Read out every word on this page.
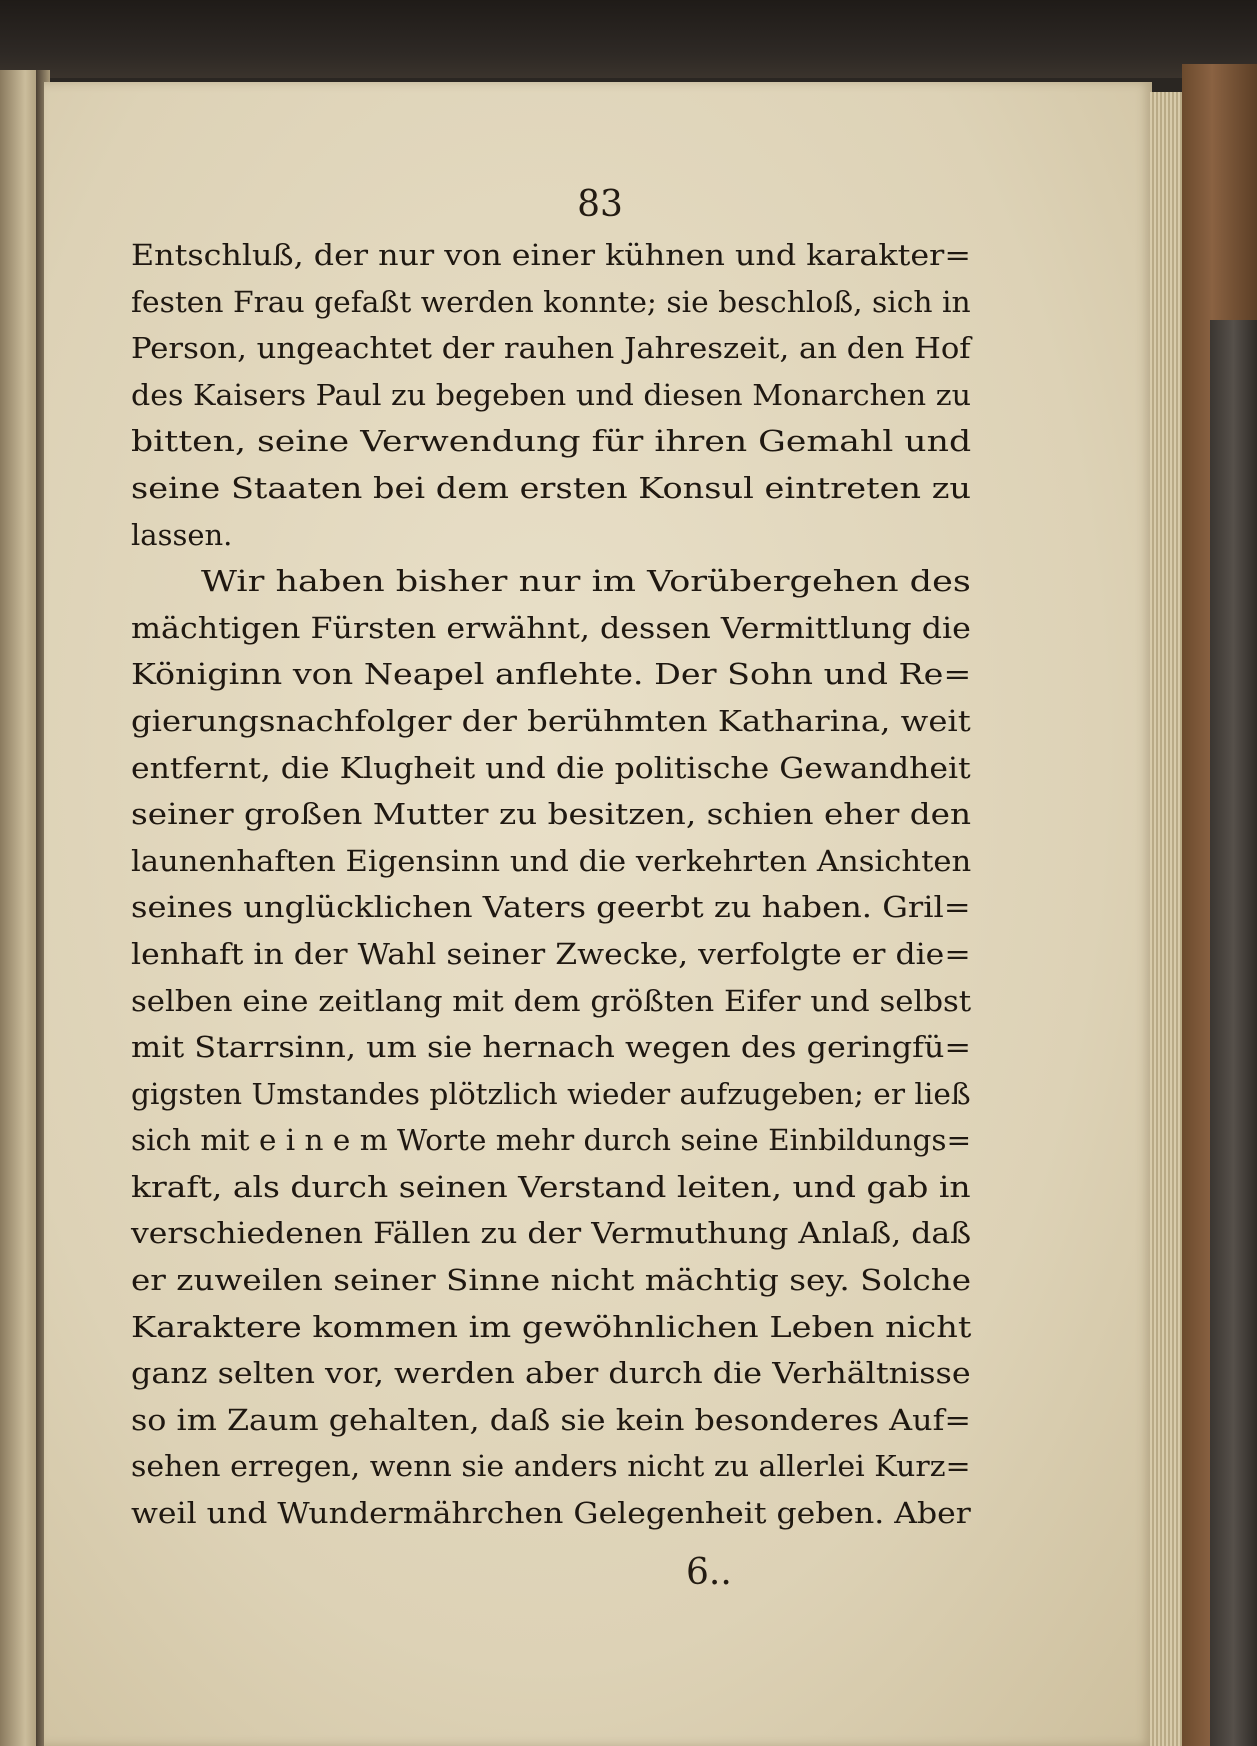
83
Entschluß, der nur von einer kühnen und karakter=
festen Frau gefaßt werden konnte; sie beschloß, sich in
Person, ungeachtet der rauhen Jahreszeit, an den Hof
des Kaisers Paul zu begeben und diesen Monarchen zu
bitten, seine Verwendung für ihren Gemahl und
seine Staaten bei dem ersten Konsul eintreten zu
lassen.
Wir haben bisher nur im Vorübergehen des
mächtigen Fürsten erwähnt, dessen Vermittlung die
Königinn von Neapel anflehte. Der Sohn und Re=
gierungsnachfolger der berühmten Katharina, weit
entfernt, die Klugheit und die politische Gewandheit
seiner großen Mutter zu besitzen, schien eher den
launenhaften Eigensinn und die verkehrten Ansichten
seines unglücklichen Vaters geerbt zu haben. Gril=
lenhaft in der Wahl seiner Zwecke, verfolgte er die=
selben eine zeitlang mit dem größten Eifer und selbst
mit Starrsinn, um sie hernach wegen des geringfü=
gigsten Umstandes plötzlich wieder aufzugeben; er ließ
sich mit e i n e m Worte mehr durch seine Einbildungs=
kraft, als durch seinen Verstand leiten, und gab in
verschiedenen Fällen zu der Vermuthung Anlaß, daß
er zuweilen seiner Sinne nicht mächtig sey. Solche
Karaktere kommen im gewöhnlichen Leben nicht
ganz selten vor, werden aber durch die Verhältnisse
so im Zaum gehalten, daß sie kein besonderes Auf=
sehen erregen, wenn sie anders nicht zu allerlei Kurz=
weil und Wundermährchen Gelegenheit geben. Aber
6..
